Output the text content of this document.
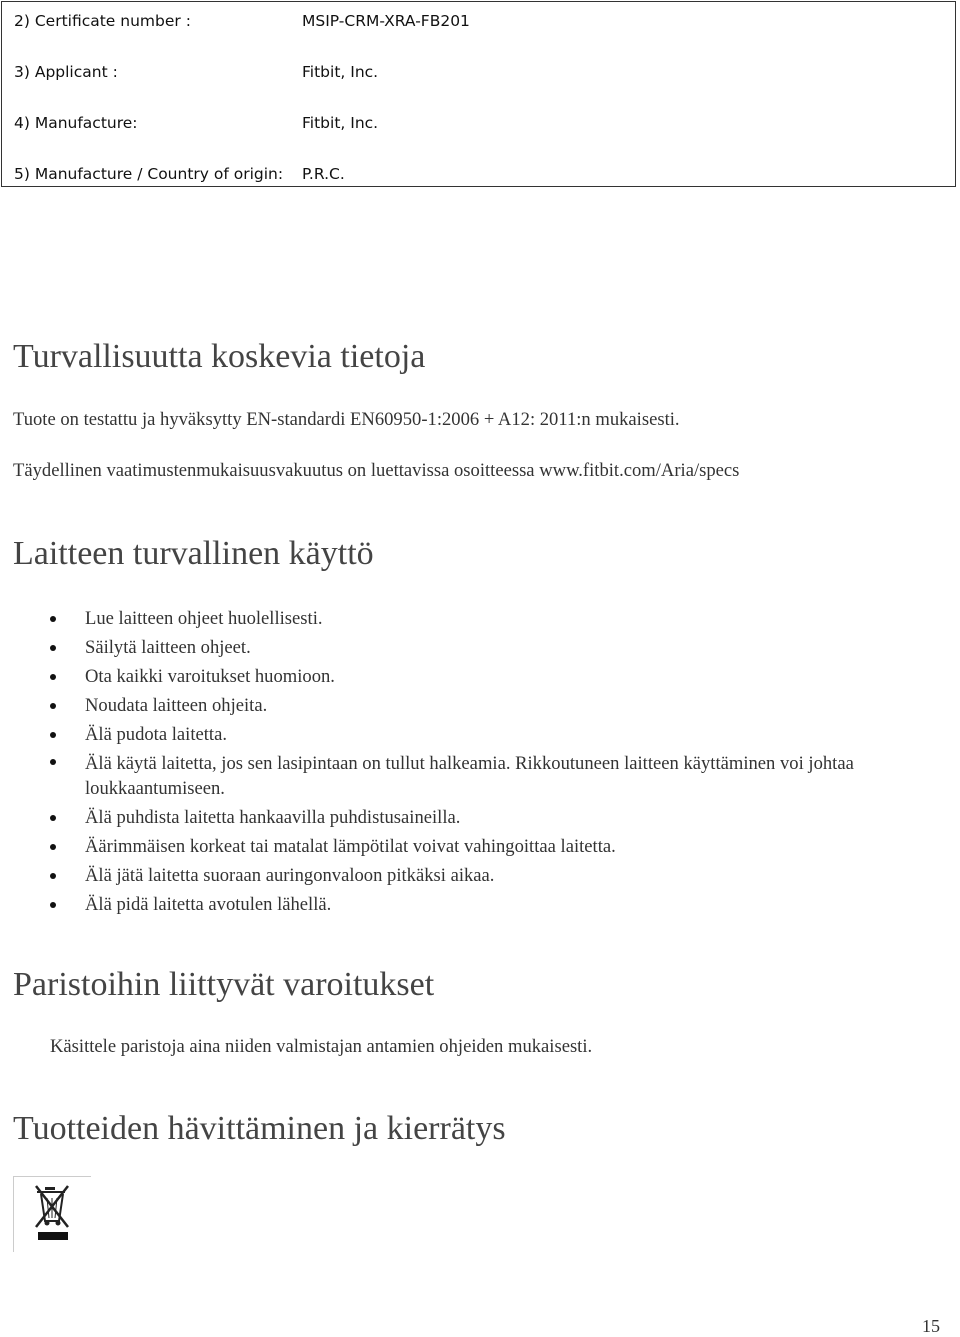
2) Certificate number :	MSIP-CRM-XRA-FB201
3) Applicant :	Fitbit, Inc.
4) Manufacture:	Fitbit, Inc.
5) Manufacture / Country of origin: P.R.C.
Turvallisuutta koskevia tietoja

Tuote on testattu ja hyväksytty EN-standardi EN60950-1:2006 + A12: 2011:n mukaisesti.

Täydellinen vaatimustenmukaisuusvakuutus on luettavissa osoitteessa www.fitbit.com/Aria/specs

Laitteen turvallinen käyttö
Lue laitteen ohjeet huolellisesti.
Säilytä laitteen ohjeet.
Ota kaikki varoitukset huomioon.
Noudata laitteen ohjeita.
Älä pudota laitetta.
Älä käytä laitetta, jos sen lasipintaan on tullut halkeamia. Rikkoutuneen laitteen käyttäminen voi johtaa loukkaantumiseen.
Älä puhdista laitetta hankaavilla puhdistusaineilla.
Äärimmäisen korkeat tai matalat lämpötilat voivat vahingoittaa laitetta.
Älä jätä laitetta suoraan auringonvaloon pitkäksi aikaa.
Älä pidä laitetta avotulen lähellä.
Paristoihin liittyvät varoitukset

Käsittele paristoja aina niiden valmistajan antamien ohjeiden mukaisesti.

Tuotteiden hävittäminen ja kierrätys
15
